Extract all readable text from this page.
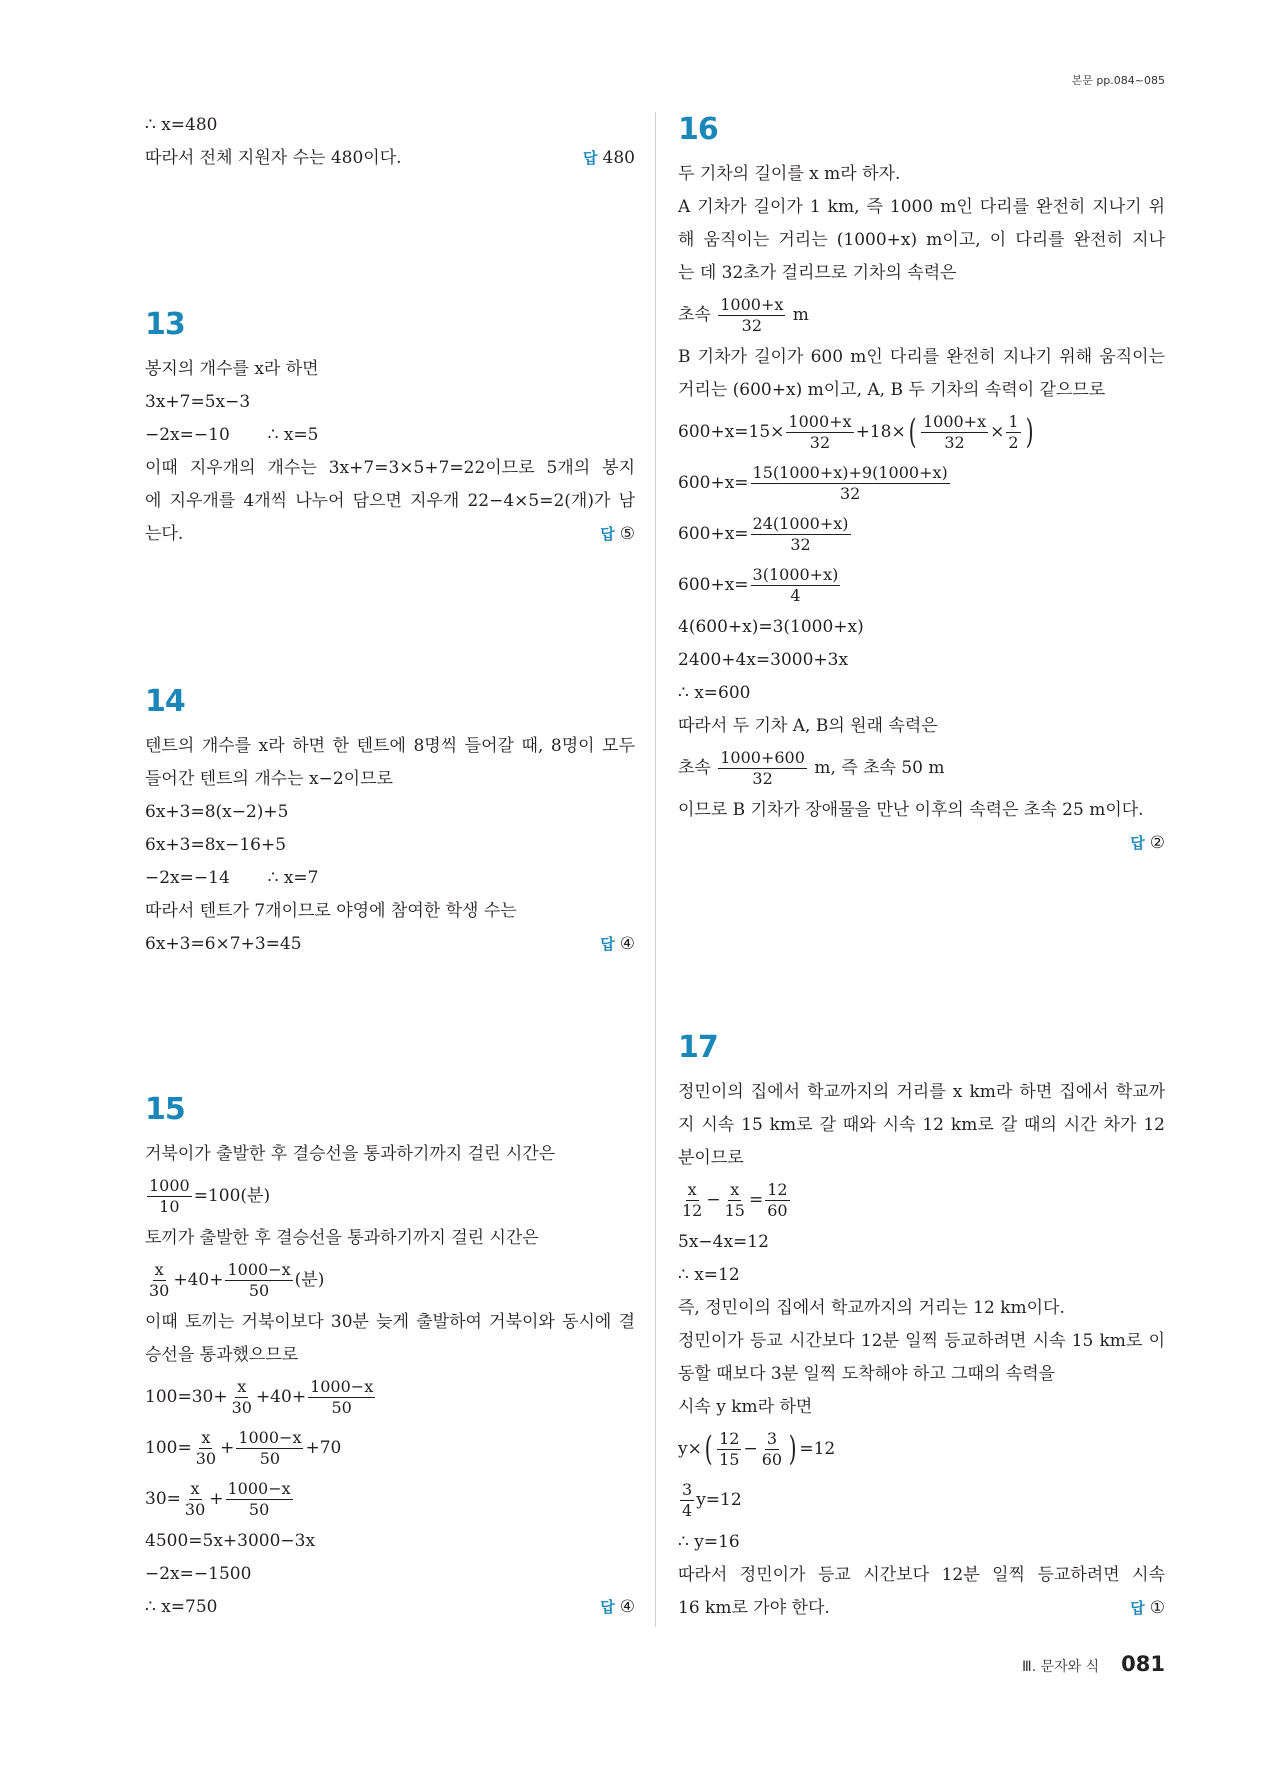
본문 pp.084~085
∴ x=480
따라서 전체 지원자 수는 480이다.	답 480
13
봉지의 개수를 x라 하면
3x+7=5x−3
−2x=−10       ∴ x=5
이때 지우개의 개수는 3x+7=3×5+7=22이므로 5개의 봉지
에 지우개를 4개씩 나누어 담으면 지우개 22−4×5=2(개)가 남
는다.	답 ⑤
14
텐트의 개수를 x라 하면 한 텐트에 8명씩 들어갈 때, 8명이 모두
들어간 텐트의 개수는 x−2이므로
6x+3=8(x−2)+5
6x+3=8x−16+5
−2x=−14       ∴ x=7
따라서 텐트가 7개이므로 야영에 참여한 학생 수는
6x+3=6×7+3=45	답 ④
15
거북이가 출발한 후 결승선을 통과하기까지 걸린 시간은
$\frac{1000}{10} =100$(분)
토끼가 출발한 후 결승선을 통과하기까지 걸린 시간은
$\frac{x}{30} +40+ \frac{1000-x}{50}$ (분)
이때 토끼는 거북이보다 30분 늦게 출발하여 거북이와 동시에 결
승선을 통과했으므로
$100=30+ \frac{x}{30} +40+ \frac{1000-x}{50}$
$100= \frac{x}{30} + \frac{1000-x}{50} +70$
$30= \frac{x}{30} + \frac{1000-x}{50}$
4500=5x+3000−3x
−2x=−1500
∴ x=750	답 ④
16
두 기차의 길이를 x m라 하자.
A 기차가 길이가 1 km, 즉 1000 m인 다리를 완전히 지나기 위
해 움직이는 거리는 (1000+x) m이고, 이 다리를 완전히 지나
는 데 32초가 걸리므로 기차의 속력은
초속 $\frac{1000+x}{32}$ m
B 기차가 길이가 600 m인 다리를 완전히 지나기 위해 움직이는
거리는 (600+x) m이고, A, B 두 기차의 속력이 같으므로
$600+x=15\times \frac{1000+x}{32} +18\times$ ( $\frac{1000+x}{32} \times \frac{1}{2}$ )
$600+x= \frac{15(1000+x)+9(1000+x)}{32}$
$600+x= \frac{24(1000+x)}{32}$
$600+x= \frac{3(1000+x)}{4}$
4(600+x)=3(1000+x)
2400+4x=3000+3x
∴ x=600
따라서 두 기차 A, B의 원래 속력은
초속 $\frac{1000+600}{32} m$, 즉 초속 50 m
이므로 B 기차가 장애물을 만난 이후의 속력은 초속 25 m이다.
답 ②
17
정민이의 집에서 학교까지의 거리를 x km라 하면 집에서 학교까
지 시속 15 km로 갈 때와 시속 12 km로 갈 때의 시간 차가 12
분이므로
$\frac{x}{12} - \frac{x}{15} = \frac{12}{60}$
5x−4x=12
∴ x=12
즉, 정민이의 집에서 학교까지의 거리는 12 km이다.
정민이가 등교 시간보다 12분 일찍 등교하려면 시속 15 km로 이
동할 때보다 3분 일찍 도착해야 하고 그때의 속력을
시속 y km라 하면
y× ( $\frac{12}{15} - \frac{3}{60}$ ) =12
$\frac{3}{4} y=12$
∴ y=16
따라서 정민이가 등교 시간보다 12분 일찍 등교하려면 시속
16 km로 가야 한다.	답 ①
Ⅲ. 문자와 식 081
